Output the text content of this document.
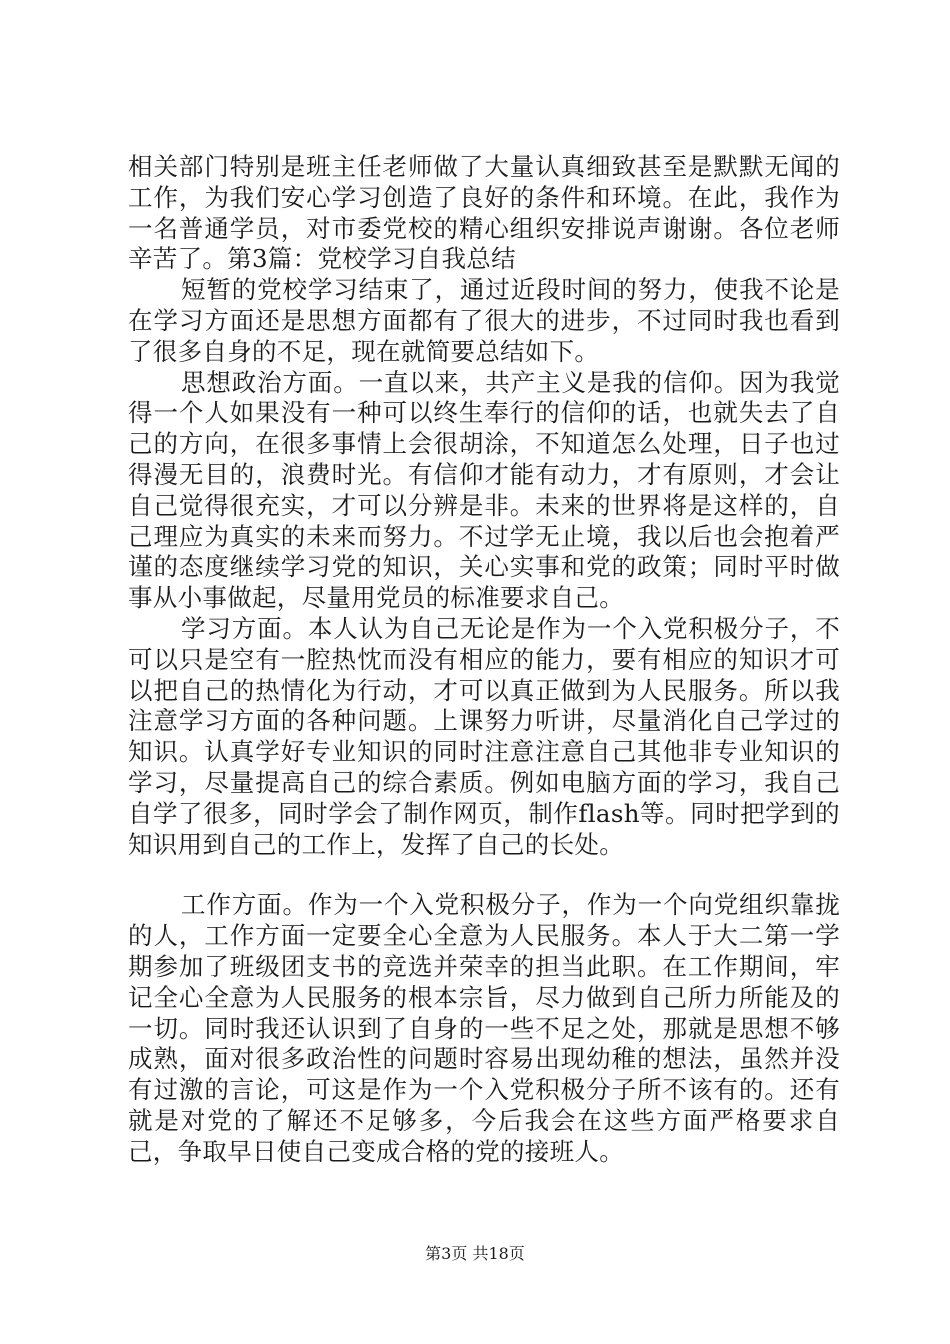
相关部门特别是班主任老师做了大量认真细致甚至是默默无闻的工作，为我们安心学习创造了良好的条件和环境。在此，我作为一名普通学员，对市委党校的精心组织安排说声谢谢。各位老师辛苦了。第3篇：党校学习自我总结

短暂的党校学习结束了，通过近段时间的努力，使我不论是在学习方面还是思想方面都有了很大的进步，不过同时我也看到了很多自身的不足，现在就简要总结如下。

思想政治方面。一直以来，共产主义是我的信仰。因为我觉得一个人如果没有一种可以终生奉行的信仰的话，也就失去了自己的方向，在很多事情上会很胡涂，不知道怎么处理，日子也过得漫无目的，浪费时光。有信仰才能有动力，才有原则，才会让自己觉得很充实，才可以分辨是非。未来的世界将是这样的，自己理应为真实的未来而努力。不过学无止境，我以后也会抱着严谨的态度继续学习党的知识，关心实事和党的政策；同时平时做事从小事做起，尽量用党员的标准要求自己。

学习方面。本人认为自己无论是作为一个入党积极分子，不可以只是空有一腔热忱而没有相应的能力，要有相应的知识才可以把自己的热情化为行动，才可以真正做到为人民服务。所以我注意学习方面的各种问题。上课努力听讲，尽量消化自己学过的知识。认真学好专业知识的同时注意注意自己其他非专业知识的学习，尽量提高自己的综合素质。例如电脑方面的学习，我自己自学了很多，同时学会了制作网页，制作flash等。同时把学到的知识用到自己的工作上，发挥了自己的长处。

工作方面。作为一个入党积极分子，作为一个向党组织靠拢的人，工作方面一定要全心全意为人民服务。本人于大二第一学期参加了班级团支书的竞选并荣幸的担当此职。在工作期间，牢记全心全意为人民服务的根本宗旨，尽力做到自己所力所能及的一切。同时我还认识到了自身的一些不足之处，那就是思想不够成熟，面对很多政治性的问题时容易出现幼稚的想法，虽然并没有过激的言论，可这是作为一个入党积极分子所不该有的。还有就是对党的了解还不足够多，今后我会在这些方面严格要求自己，争取早日使自己变成合格的党的接班人。

第3页 共18页
